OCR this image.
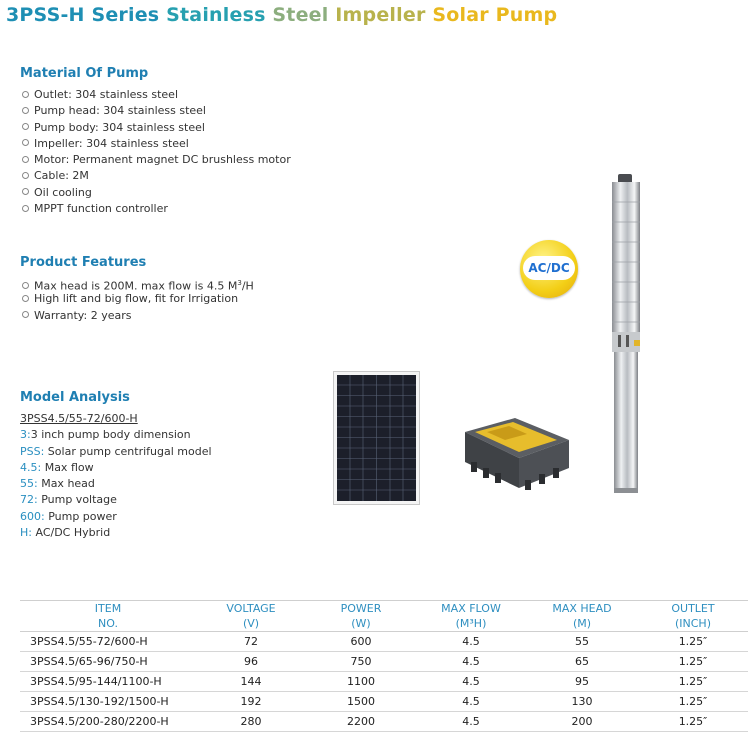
3PSS-H Series Stainless Steel Impeller Solar Pump
Material Of Pump
Outlet: 304 stainless steel
Pump head: 304 stainless steel
Pump body: 304 stainless steel
Impeller: 304 stainless steel
Motor: Permanent magnet DC brushless motor
Cable: 2M
Oil cooling
MPPT function controller
Product Features
Max head is 200M. max flow is 4.5 $M^3/H$
High lift and big flow, fit for Irrigation
Warranty: 2 years
Model Analysis
3PSS4.5/55-72/600-H
3:3 inch pump body dimension
PSS: Solar pump centrifugal model
4.5: Max flow
55: Max head
72: Pump voltage
600: Pump power
H: AC/DC Hybrid
AC/DC
ITEM	VOLTAGE	POWER	MAX FLOW	MAX HEAD	OUTLET
NO.	(V)	(W)	(M³H)	(M)	(INCH)
3PSS4.5/55-72/600-H	72	600	4.5	55	1.25″
3PSS4.5/65-96/750-H	96	750	4.5	65	1.25″
3PSS4.5/95-144/1100-H	144	1100	4.5	95	1.25″
3PSS4.5/130-192/1500-H	192	1500	4.5	130	1.25″
3PSS4.5/200-280/2200-H	280	2200	4.5	200	1.25″
